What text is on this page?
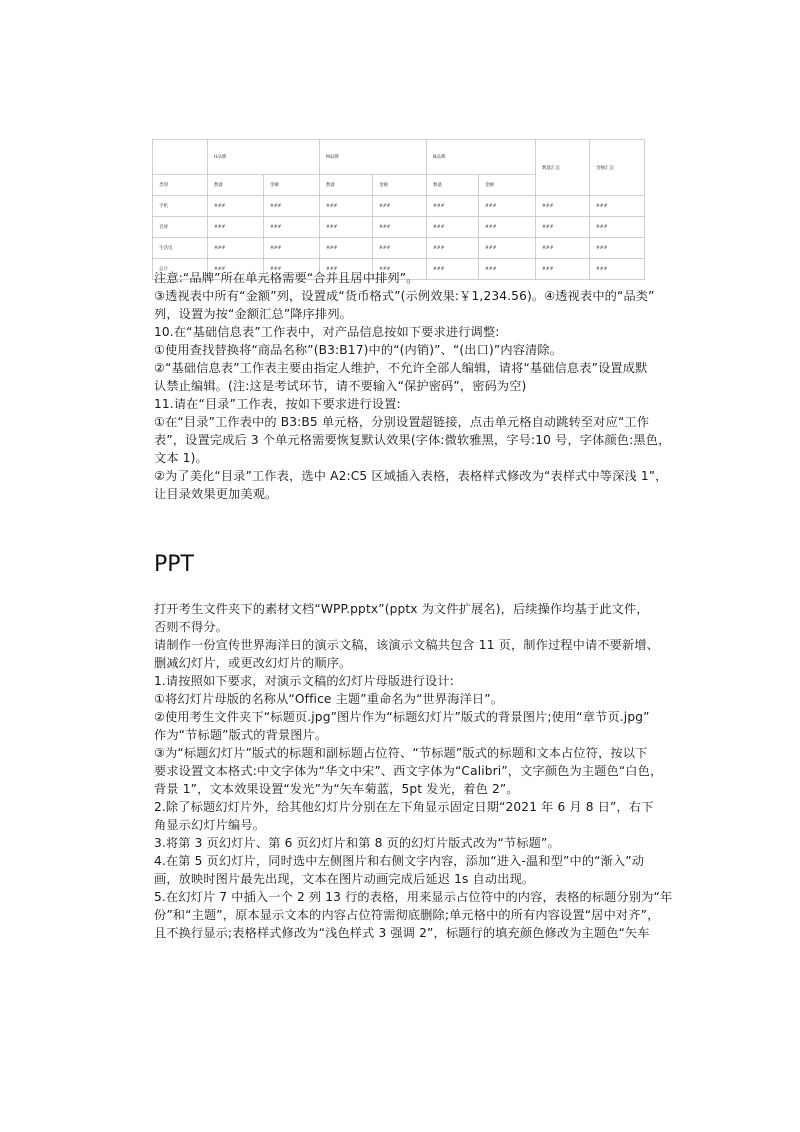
	H品牌		M品牌		N品牌		数量汇总	金额汇总
类别	数量	金额	数量	金额	数量	金额		
手机	###	###	###	###	###	###	###	###
音视	###	###	###	###	###	###	###	###
生活电	###	###	###	###	###	###	###	###
总计	###	###	###	###	###	###	###	###
注意:“品牌”所在单元格需要“合并且居中排列”。
③透视表中所有“金额”列，设置成“货币格式”(示例效果:￥1,234.56)。④透视表中的“品类”
列，设置为按“金额汇总”降序排列。
10.在“基础信息表”工作表中，对产品信息按如下要求进行调整:
①使用查找替换将“商品名称”(B3:B17)中的“(内销)”、“(出口)”内容清除。
②“基础信息表”工作表主要由指定人维护，不允许全部人编辑，请将“基础信息表”设置成默
认禁止编辑。(注:这是考试环节，请不要输入“保护密码”，密码为空)
11.请在“目录”工作表，按如下要求进行设置:
①在“目录”工作表中的 B3:B5 单元格，分别设置超链接，点击单元格自动跳转至对应“工作
表”，设置完成后 3 个单元格需要恢复默认效果(字体:微软雅黑，字号:10 号，字体颜色:黑色，
文本 1)。
②为了美化“目录”工作表，选中 A2:C5 区域插入表格，表格样式修改为“表样式中等深浅 1”，
让目录效果更加美观。
PPT
打开考生文件夹下的素材文档“WPP.pptx”(pptx 为文件扩展名)，后续操作均基于此文件，
否则不得分。
请制作一份宣传世界海洋日的演示文稿，该演示文稿共包含 11 页，制作过程中请不要新增、
删减幻灯片，或更改幻灯片的顺序。
1.请按照如下要求，对演示文稿的幻灯片母版进行设计:
①将幻灯片母版的名称从“Office 主题”重命名为“世界海洋日”。
②使用考生文件夹下“标题页.jpg”图片作为“标题幻灯片”版式的背景图片;使用“章节页.jpg”
作为“节标题”版式的背景图片。
③为“标题幻灯片”版式的标题和副标题占位符、“节标题”版式的标题和文本占位符，按以下
要求设置文本格式:中文字体为“华文中宋”、西文字体为“Calibri”，文字颜色为主题色“白色，
背景 1”，文本效果设置“发光”为“矢车菊蓝，5pt 发光，着色 2”。
2.除了标题幻灯片外，给其他幻灯片分别在左下角显示固定日期“2021 年 6 月 8 日”，右下
角显示幻灯片编号。
3.将第 3 页幻灯片、第 6 页幻灯片和第 8 页的幻灯片版式改为“节标题”。
4.在第 5 页幻灯片，同时选中左侧图片和右侧文字内容，添加“进入-温和型”中的“渐入”动
画，放映时图片最先出现，文本在图片动画完成后延迟 1s 自动出现。
5.在幻灯片 7 中插入一个 2 列 13 行的表格，用来显示占位符中的内容，表格的标题分别为“年
份”和“主题”，原本显示文本的内容占位符需彻底删除;单元格中的所有内容设置“居中对齐”，
且不换行显示;表格样式修改为“浅色样式 3 强调 2”，标题行的填充颜色修改为主题色“矢车
